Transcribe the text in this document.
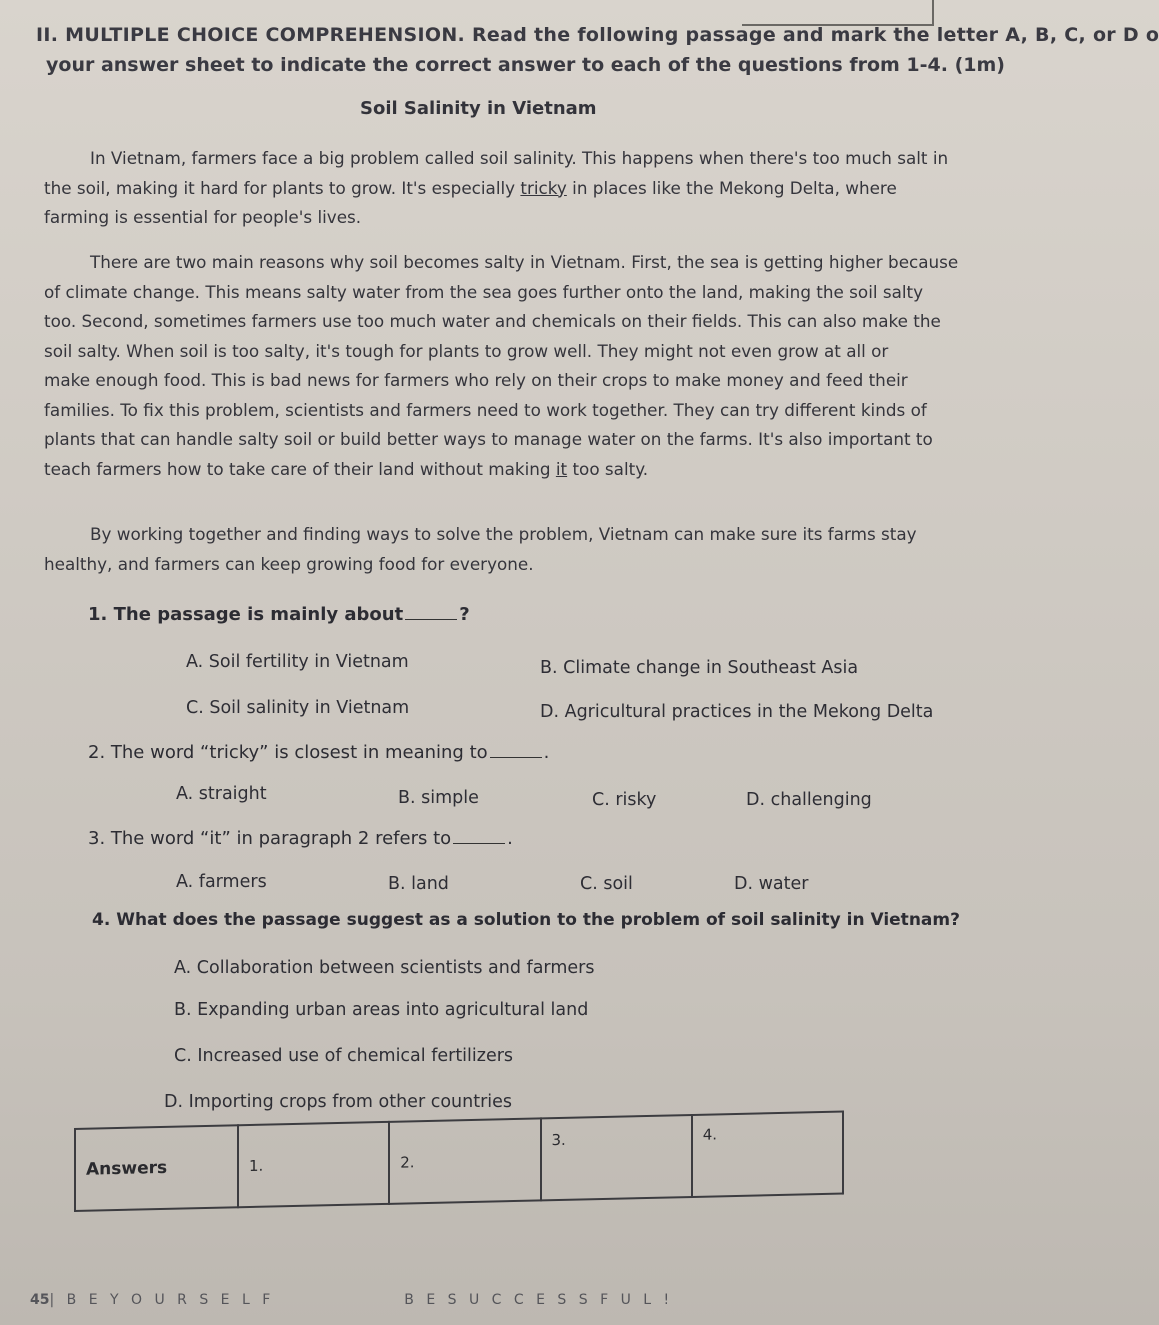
II. MULTIPLE CHOICE COMPREHENSION. Read the following passage and mark the letter A, B, C, or D o
your answer sheet to indicate the correct answer to each of the questions from 1-4. (1m)
Soil Salinity in Vietnam
In Vietnam, farmers face a big problem called soil salinity. This happens when there's too much salt in
the soil, making it hard for plants to grow. It's especially tricky in places like the Mekong Delta, where
farming is essential for people's lives.
There are two main reasons why soil becomes salty in Vietnam. First, the sea is getting higher because
of climate change. This means salty water from the sea goes further onto the land, making the soil salty
too. Second, sometimes farmers use too much water and chemicals on their fields. This can also make the
soil salty. When soil is too salty, it's tough for plants to grow well. They might not even grow at all or
make enough food. This is bad news for farmers who rely on their crops to make money and feed their
families. To fix this problem, scientists and farmers need to work together. They can try different kinds of
plants that can handle salty soil or build better ways to manage water on the farms. It's also important to
teach farmers how to take care of their land without making it too salty.
By working together and finding ways to solve the problem, Vietnam can make sure its farms stay
healthy, and farmers can keep growing food for everyone.
1. The passage is mainly about	?
A. Soil fertility in Vietnam	B. Climate change in Southeast Asia
C. Soil salinity in Vietnam	D. Agricultural practices in the Mekong Delta
2. The word “tricky” is closest in meaning to	.
A. straight	B. simple	C. risky	D. challenging
3. The word “it” in paragraph 2 refers to	.
A. farmers	B. land	C. soil	D. water
4. What does the passage suggest as a solution to the problem of soil salinity in Vietnam?
A. Collaboration between scientists and farmers
B. Expanding urban areas into agricultural land
C. Increased use of chemical fertilizers
D. Importing crops from other countries
Answers	1.	2.	3.	4.
45| B E Y O U R S E L F	B E S U C C E S S F U L !
